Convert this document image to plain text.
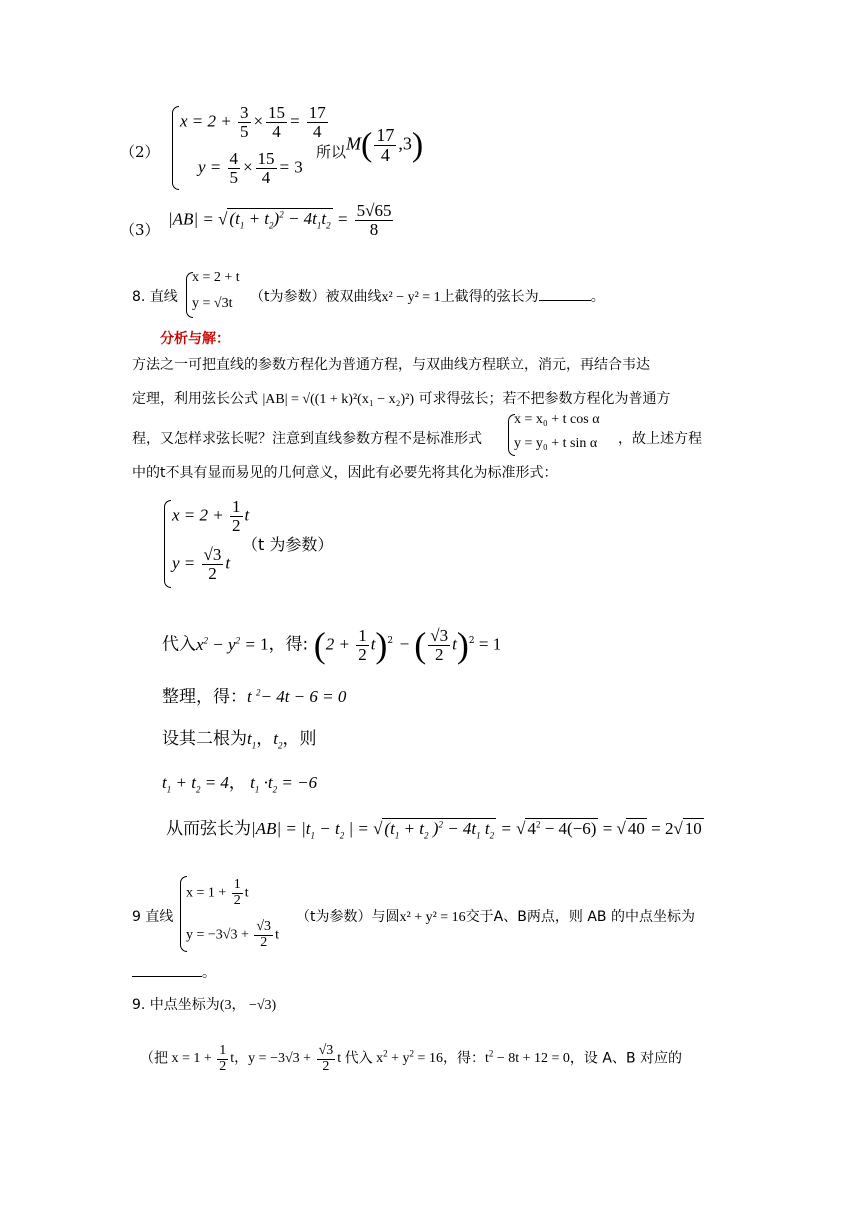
（2）
$x = 2 + \frac{3}{5} \times \frac{15}{4} = \frac{17}{4}$
$y = \frac{4}{5} \times \frac{15}{4} = 3$
所以 $M( \frac{17}{4} ,3)$
（3）
|AB| = √ $(t_1 + t_2)^2 - 4t_1t_2 = \frac{5√65}{8}$
8. 直线
x = 2 + t
y = √3t （t为参数）被双曲线x² − y² = 1上截得的弦长为	。
分析与解：
方法之一可把直线的参数方程化为普通方程，与双曲线方程联立，消元，再结合韦达
定理，利用弦长公式 |AB| = √((1 + k)²(x₁ − x₂)²) 可求得弦长；若不把参数方程化为普通方
程，又怎样求弦长呢？注意到直线参数方程不是标准形式
x = x₀ + t cos α
y = y₀ + t sin α ，故上述方程
中的t不具有显而易见的几何意义，因此有必要先将其化为标准形式：
$x = 2 + \frac{1}{2}$ t
$y = \frac{√3}{2}$ t
（t 为参数）
代入$x^2 - y^2 = 1$，得: $(2 + \frac{1}{2} t)^2$ − ( $\frac{√3}{2} t)^2 = 1$
整理，得：t $^2$− 4t − 6 = 0
设其二根为$t_1$，$t_2$，则
$t_1 + t_2 = 4$， $t_1 \cdot t_2 = -6$
从而弦长为$|AB| = |t_1 - t_2$ | = √ ($t_1 + t_2$ )$^2 - 4t_1$ $t_2$ = √ $4^2 - 4(-6)$ = √ 40 = 2√ 10
9 直线
$x = 1 + \frac{1}{2}$ t
$y = -3√3 + \frac{√3}{2}$ t
（t为参数）与圆x² + y² = 16交于A、B两点，则 AB 的中点坐标为
。
9. 中点坐标为(3， −√3)
（把 $x = 1 + \frac{1}{2}$ t，$y = -3√3 + \frac{√3}{2}$ t 代入 $x^2 + y^2 = 16$，得：$t^2 - 8t + 12 = 0$，设 A、B 对应的
